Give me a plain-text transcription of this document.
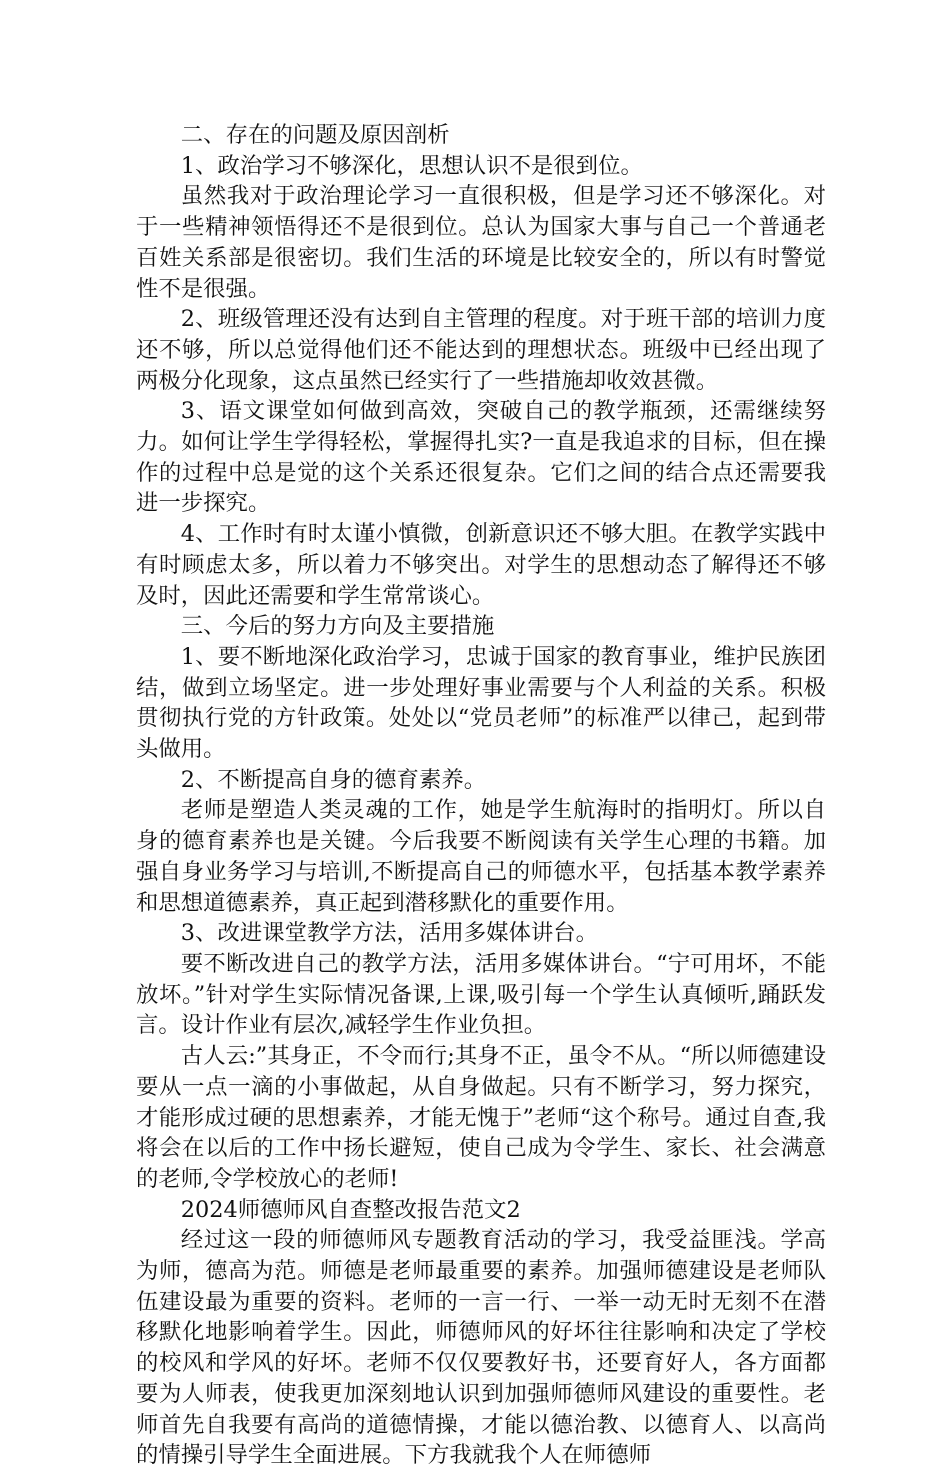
二、存在的问题及原因剖析

1、政治学习不够深化，思想认识不是很到位。

虽然我对于政治理论学习一直很积极，但是学习还不够深化。对于一些精神领悟得还不是很到位。总认为国家大事与自己一个普通老百姓关系部是很密切。我们生活的环境是比较安全的，所以有时警觉性不是很强。

2、班级管理还没有达到自主管理的程度。对于班干部的培训力度还不够，所以总觉得他们还不能达到的理想状态。班级中已经出现了两极分化现象，这点虽然已经实行了一些措施却收效甚微。

3、语文课堂如何做到高效，突破自己的教学瓶颈，还需继续努力。如何让学生学得轻松，掌握得扎实?一直是我追求的目标，但在操作的过程中总是觉的这个关系还很复杂。它们之间的结合点还需要我进一步探究。

4、工作时有时太谨小慎微，创新意识还不够大胆。在教学实践中有时顾虑太多，所以着力不够突出。对学生的思想动态了解得还不够及时，因此还需要和学生常常谈心。

三、今后的努力方向及主要措施

1、要不断地深化政治学习，忠诚于国家的教育事业，维护民族团结，做到立场坚定。进一步处理好事业需要与个人利益的关系。积极贯彻执行党的方针政策。处处以“党员老师”的标准严以律己，起到带头做用。

2、不断提高自身的德育素养。

老师是塑造人类灵魂的工作，她是学生航海时的指明灯。所以自身的德育素养也是关键。今后我要不断阅读有关学生心理的书籍。加强自身业务学习与培训,不断提高自己的师德水平，包括基本教学素养和思想道德素养，真正起到潜移默化的重要作用。

3、改进课堂教学方法，活用多媒体讲台。

要不断改进自己的教学方法，活用多媒体讲台。“宁可用坏，不能放坏。”针对学生实际情况备课,上课,吸引每一个学生认真倾听,踊跃发言。设计作业有层次,减轻学生作业负担。

古人云:”其身正，不令而行;其身不正，虽令不从。“所以师德建设要从一点一滴的小事做起，从自身做起。只有不断学习，努力探究，才能形成过硬的思想素养，才能无愧于”老师“这个称号。通过自查,我将会在以后的工作中扬长避短，使自己成为令学生、家长、社会满意的老师,令学校放心的老师!

2024师德师风自查整改报告范文2

经过这一段的师德师风专题教育活动的学习，我受益匪浅。学高为师，德高为范。师德是老师最重要的素养。加强师德建设是老师队伍建设最为重要的资料。老师的一言一行、一举一动无时无刻不在潜移默化地影响着学生。因此，师德师风的好坏往往影响和决定了学校的校风和学风的好坏。老师不仅仅要教好书，还要育好人，各方面都要为人师表，使我更加深刻地认识到加强师德师风建设的重要性。老师首先自我要有高尚的道德情操，才能以德治教、以德育人、以高尚的情操引导学生全面进展。下方我就我个人在师德师
